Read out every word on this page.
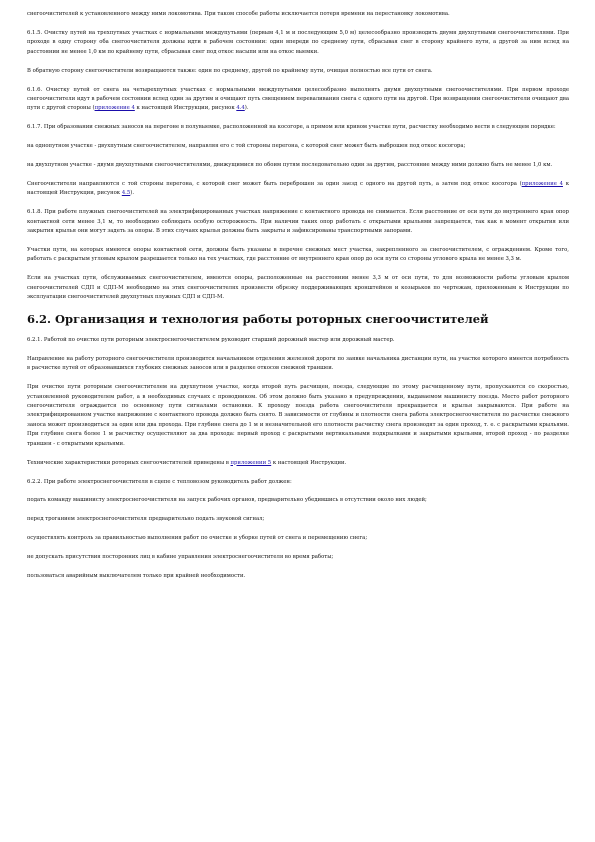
снегоочистителей к установленного между ними локомотива. При таком способе работы исключается потеря времени на перестановку локомотива.

6.1.5. Очистку путей на трехпутных участках с нормальными междупутьями (первым 4,1 м и последующим 5,0 м) целесообразно производить двумя двухпутными снегоочистителями. При проходе в одну сторону оба снегоочистителя должны идти в рабочем состоянии: один впереди по среднему пути, сбрасывая снег в сторону крайнего пути, а другой за ним вслед на расстоянии не менее 1,0 км по крайнему пути, сбрасывая снег под откос насыпи или на откос выемки.

В обратную сторону снегоочистители возвращаются также: один по среднему, другой по крайнему пути, очищая полностью все пути от снега.

6.1.6. Очистку путей от снега на четырехпутных участках с нормальными междупутьями целесообразно выполнять двумя двухпутными снегоочистителями. При первом проходе снегоочистители идут в рабочем состоянии вслед один за другим и очищают путь смещением переваливания снега с одного пути на другой. При возвращении снегоочистители очищают два пути с другой стороны (приложение 4 к настоящей Инструкции, рисунок 4.4).

6.1.7. При образовании снежных заносов на перегоне в полувыемке, расположенной на косогоре, а прямом или кривом участке пути, расчистку необходимо вести в следующем порядке:

на однопутном участке - двухпутным снегоочистителем, направляя его с той стороны перегона, с которой снег может быть выброшен под откос косогора;

на двухпутном участке - двумя двухпутными снегоочистителями, движущимися по обоим путям последовательно один за другим, расстояние между ними должно быть не менее 1,0 км.

Снегоочистители направляются с той стороны перегона, с которой снег может быть переброшен за один заезд с одного на другой путь, а затем под откос косогора (приложение 4 к настоящей Инструкции, рисунок 4.5).

6.1.8. При работе плужных снегоочистителей на электрифицированных участках напряжение с контактного провода не снимается. Если расстояние от оси пути до внутреннего края опор контактной сети менее 3,1 м, то необходимо соблюдать особую осторожность. При наличии таких опор работать с открытыми крыльями запрещается, так как в момент открытия или закрытия крылья они могут задеть за опоры. В этих случаях крылья должны быть закрыты и зафиксированы транспортными запорами.

Участки пути, на которых имеются опоры контактной сети, должны быть указаны в перечне снежных мест участка, закрепленного за снегоочистителем, с ограждением. Кроме того, работать с раскрытым угловым крылом разрешается только на тех участках, где расстояние от внутреннего края опор до оси пути со стороны углового крыла не менее 3,3 м.

Если на участках пути, обслуживаемых снегоочистителем, имеются опоры, расположенные на расстоянии менее 3,3 м от оси пути, то для возможности работы угловым крылом снегоочистителей СДП и СДП-М необходимо на этих снегоочистителях произвести обрезку поддерживающих кронштейнов и козырьков по чертежам, приложенным к Инструкции по эксплуатации снегоочистителей двухпутных плужных СДП и СДП-М.

6.2. Организация и технология работы роторных снегоочистителей

6.2.1. Работой по очистке пути роторным электроснегоочистителем руководит старший дорожный мастер или дорожный мастер.

Направление на работу роторного снегоочистителя производится начальником отделения железной дороги по заявке начальника дистанции пути, на участке которого имеется потребность в расчистке путей от образовавшихся глубоких снежных заносов или в разделке откосов снежной траншеи.

При очистке пути роторным снегоочистителем на двухпутном участке, когда второй путь расчищен, поезда, следующие по этому расчищенному пути, пропускаются со скоростью, установленной руководителем работ, а в необходимых случаях с проводником. Об этом должно быть указано в предупреждении, выдаваемом машинисту поезда. Место работ роторного снегоочистителя ограждается по основному пути сигналами остановки. К проходу поезда работа снегоочистителя прекращается и крылья закрываются. При работе на электрифицированном участке напряжение с контактного провода должно быть снято. В зависимости от глубины и плотности снега работа электроснегоочистителя по расчистке снежного заноса может производиться за один или два прохода. При глубине снега до 1 м и незначительной его плотности расчистку снега производят за один проход, т. е. с раскрытыми крыльями. При глубине снега более 1 м расчистку осуществляют за два прохода: первый проход с раскрытыми вертикальными подкрылками и закрытыми крыльями, второй проход - по разделке траншеи - с открытыми крыльями.

Технические характеристики роторных снегоочистителей приведены в приложении 5 к настоящей Инструкции.

6.2.2. При работе электроснегоочистителя в сцепе с тепловозом руководитель работ должен:

подать команду машинисту электроснегоочистителя на запуск рабочих органов, предварительно убедившись в отсутствии около них людей;

перед троганием электроснегоочистителя предварительно подать звуковой сигнал;

осуществлять контроль за правильностью выполнения работ по очистке и уборке путей от снега и перемещению снега;

не допускать присутствия посторонних лиц в кабине управления электроснегоочистителя во время работы;

пользоваться аварийным выключателем только при крайней необходимости.
